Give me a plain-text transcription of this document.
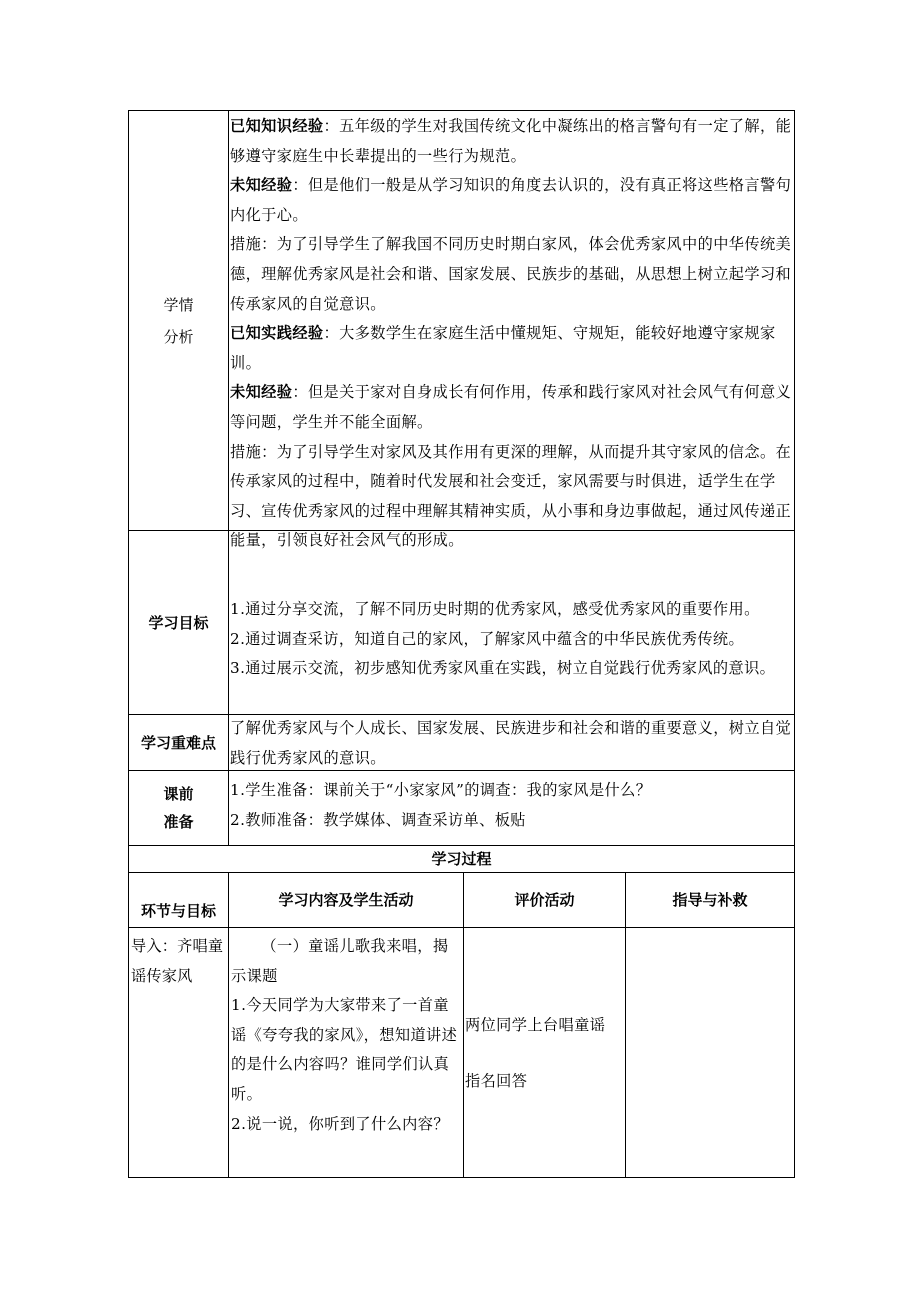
学情
分析

已知知识经验：五年级的学生对我国传统文化中凝练出的格言警句有一定了解，能够遵守家庭生中长辈提出的一些行为规范。

未知经验：但是他们一般是从学习知识的角度去认识的，没有真正将这些格言警句内化于心。

措施：为了引导学生了解我国不同历史时期白家风，体会优秀家风中的中华传统美德，理解优秀家风是社会和谐、国家发展、民族步的基础，从思想上树立起学习和传承家风的自觉意识。

已知实践经验：大多数学生在家庭生活中懂规矩、守规矩，能较好地遵守家规家训。

未知经验：但是关于家对自身成长有何作用，传承和践行家风对社会风气有何意义等问题，学生并不能全面解。

措施：为了引导学生对家风及其作用有更深的理解，从而提升其守家风的信念。在传承家风的过程中，随着时代发展和社会变迁，家风需要与时俱进，适学生在学习、宣传优秀家风的过程中理解其精神实质，从小事和身边事做起，通过风传递正能量，引领良好社会风气的形成。

学习目标

1.通过分享交流，了解不同历史时期的优秀家风，感受优秀家风的重要作用。

2.通过调查采访，知道自己的家风，了解家风中蕴含的中华民族优秀传统。

3.通过展示交流，初步感知优秀家风重在实践，树立自觉践行优秀家风的意识。

学习重难点

了解优秀家风与个人成长、国家发展、民族进步和社会和谐的重要意义，树立自觉践行优秀家风的意识。

课前
准备

1.学生准备：课前关于“小家家风”的调查：我的家风是什么？

2.教师准备：教学媒体、调查采访单、板贴

学习过程
环节与目标
学习内容及学生活动	评价活动	指导与补救

导入：齐唱童谣传家风

（一）童谣儿歌我来唱，揭示课题

1.今天同学为大家带来了一首童谣《夸夸我的家风》，想知道讲述的是什么内容吗？谁同学们认真听。

2.说一说，你听到了什么内容？

两位同学上台唱童谣

指名回答
